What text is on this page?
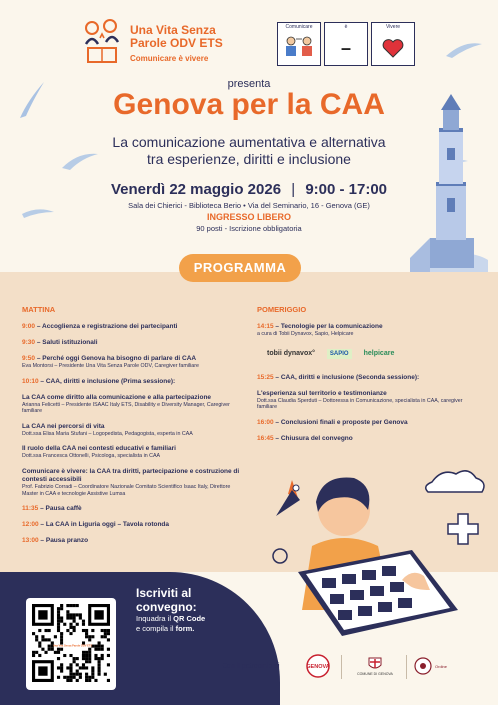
Una Vita Senza
Parole ODV ETS
Comunicare è vivere
Comunicare	è
–
Vivere
presenta
Genova per la CAA
La comunicazione aumentativa e alternativa
tra esperienze, diritti e inclusione
Venerdì 22 maggio 2026 | 9:00 - 17:00
Sala dei Chierici - Biblioteca Berio • Via del Seminario, 16 - Genova (GE)
INGRESSO LIBERO
90 posti - Iscrizione obbligatoria
PROGRAMMA
MATTINA
9:00 – Accoglienza e registrazione dei partecipanti
9:30 – Saluti istituzionali
9:50 – Perché oggi Genova ha bisogno di parlare di CAA
Eva Montorsi – Presidente Una Vita Senza Parole ODV, Caregiver familiare
10:10 – CAA, diritti e inclusione (Prima sessione):
La CAA come diritto alla comunicazione e alla partecipazione
Arianna Felicetti – Presidente ISAAC Italy ETS, Disability e Diversity Manager, Caregiver familiare
La CAA nei percorsi di vita
Dott.ssa Elisa Maria Stufani – Logopedista, Pedagogista, esperta in CAA
Il ruolo della CAA nei contesti educativi e familiari
Dott.ssa Francesca Ottonelli, Psicologa, specialista in CAA
Comunicare è vivere: la CAA tra diritti, partecipazione e costruzione di contesti accessibili
Prof. Fabrizio Corradi – Coordinatore Nazionale Comitato Scientifico Isaac Italy, Direttore Master in CAA e tecnologie Assistive Lumsa
11:35 – Pausa caffè
12:00 – La CAA in Liguria oggi – Tavola rotonda
13:00 – Pausa pranzo
POMERIGGIO
14:15 – Tecnologie per la comunicazione
a cura di Tobii Dynavox, Sapio, Helpicare
tobii dynavox°	SAPIO	helpicare
15:25 – CAA, diritti e inclusione (Seconda sessione):
L'esperienza sul territorio e testimonianze
Dott.ssa Claudia Sperduti – Dottoressa in Comunicazione, specialista in CAA, caregiver familiare
16:00 – Conclusioni finali e proposte per Genova
16:45 – Chiusura del convegno
Una Vita Senza Parole ODV ETS
Iscriviti al
convegno:
Inquadra il QR Code
e compila il form.
Con il patrocinio di	GENOVA
COMUNE DI GENOVA
Ordine
